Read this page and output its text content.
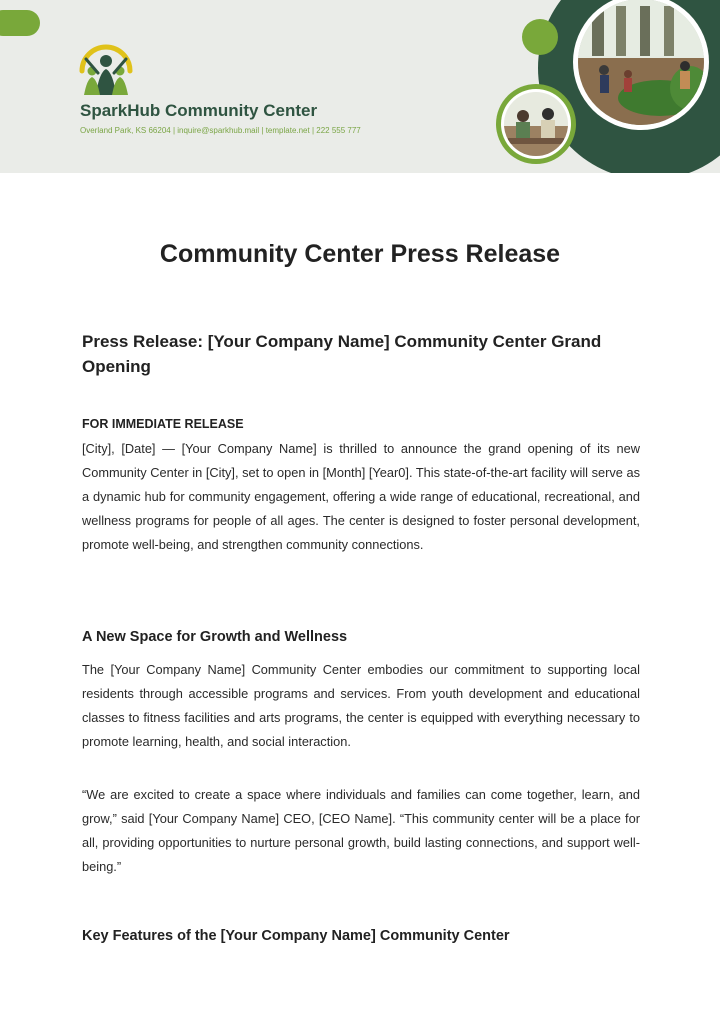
SparkHub Community Center
Overland Park, KS 66204 | inquire@sparkhub.mail | template.net | 222 555 777
Community Center Press Release
Press Release: [Your Company Name] Community Center Grand Opening
FOR IMMEDIATE RELEASE
[City], [Date] — [Your Company Name] is thrilled to announce the grand opening of its new Community Center in [City], set to open in [Month] [Year0]. This state-of-the-art facility will serve as a dynamic hub for community engagement, offering a wide range of educational, recreational, and wellness programs for people of all ages. The center is designed to foster personal development, promote well-being, and strengthen community connections.
A New Space for Growth and Wellness
The [Your Company Name] Community Center embodies our commitment to supporting local residents through accessible programs and services. From youth development and educational classes to fitness facilities and arts programs, the center is equipped with everything necessary to promote learning, health, and social interaction.
“We are excited to create a space where individuals and families can come together, learn, and grow,” said [Your Company Name] CEO, [CEO Name]. “This community center will be a place for all, providing opportunities to nurture personal growth, build lasting connections, and support well-being.”
Key Features of the [Your Company Name] Community Center
